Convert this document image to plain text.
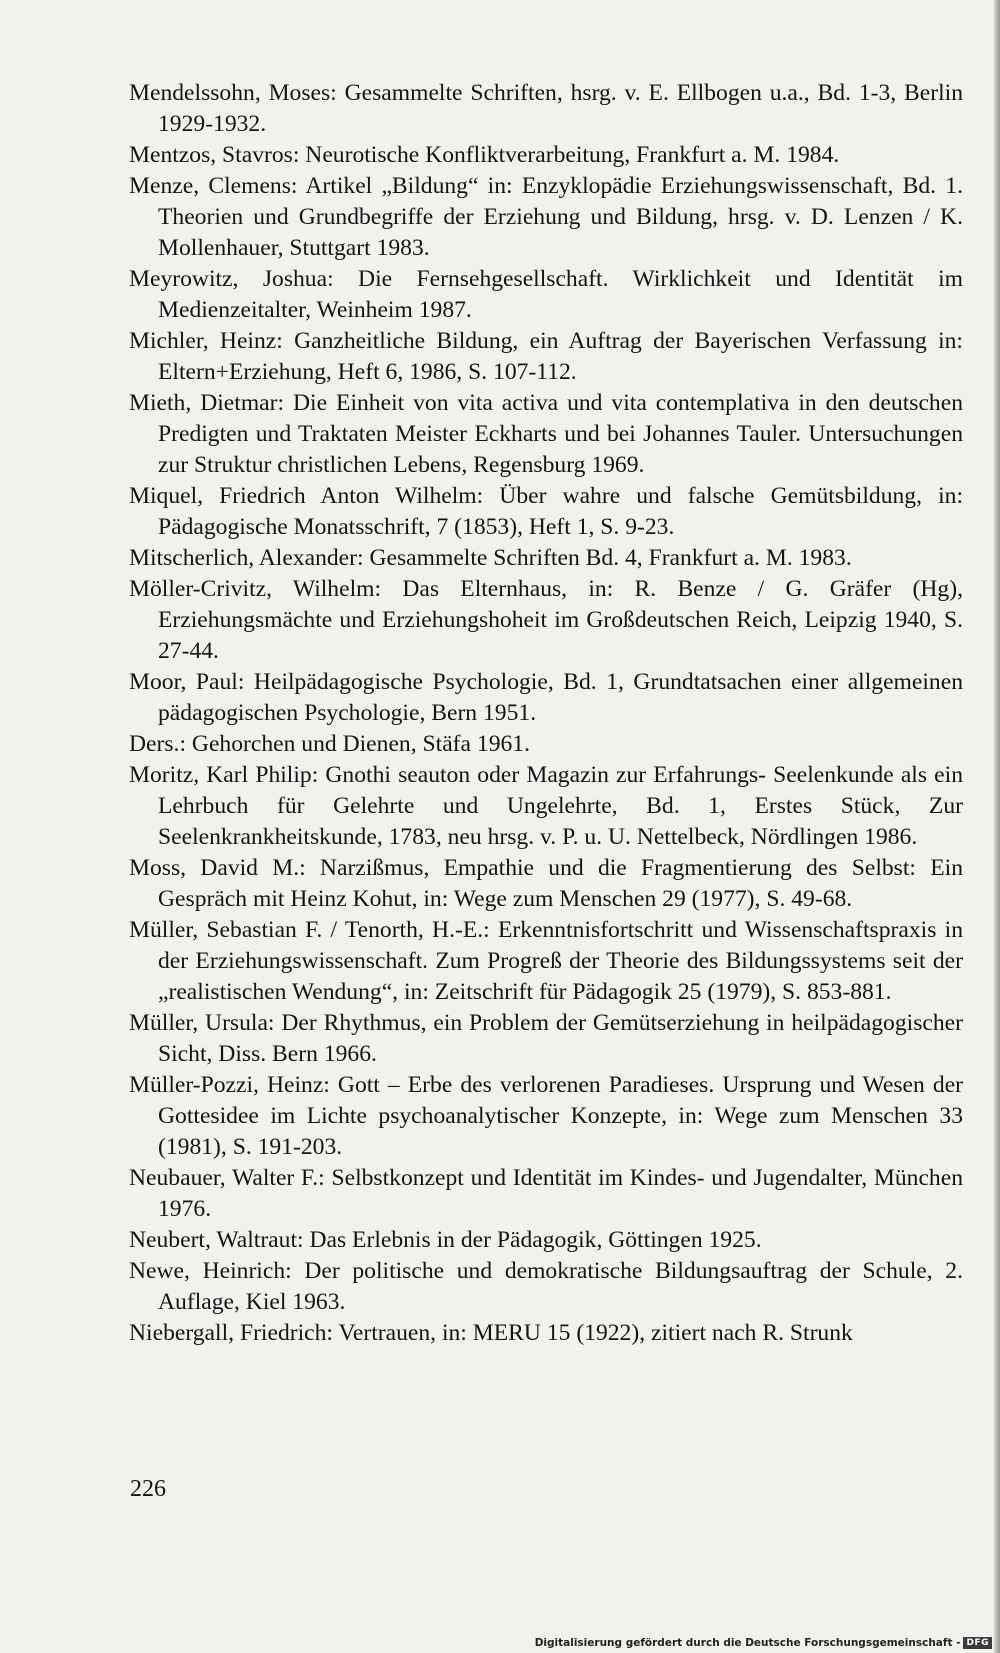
Mendelssohn, Moses: Gesammelte Schriften, hsrg. v. E. Ellbogen u.a., Bd. 1-3, Berlin 1929-1932.
Mentzos, Stavros: Neurotische Konfliktverarbeitung, Frankfurt a. M. 1984.
Menze, Clemens: Artikel „Bildung“ in: Enzyklopädie Erziehungswissenschaft, Bd. 1. Theorien und Grundbegriffe der Erziehung und Bildung, hrsg. v. D. Lenzen / K. Mollenhauer, Stuttgart 1983.
Meyrowitz, Joshua: Die Fernsehgesellschaft. Wirklichkeit und Identität im Medienzeitalter, Weinheim 1987.
Michler, Heinz: Ganzheitliche Bildung, ein Auftrag der Bayerischen Verfassung in: Eltern+Erziehung, Heft 6, 1986, S. 107-112.
Mieth, Dietmar: Die Einheit von vita activa und vita contemplativa in den deutschen Predigten und Traktaten Meister Eckharts und bei Johannes Tauler. Untersuchungen zur Struktur christlichen Lebens, Regensburg 1969.
Miquel, Friedrich Anton Wilhelm: Über wahre und falsche Gemütsbildung, in: Pädagogische Monatsschrift, 7 (1853), Heft 1, S. 9-23.
Mitscherlich, Alexander: Gesammelte Schriften Bd. 4, Frankfurt a. M. 1983.
Möller-Crivitz, Wilhelm: Das Elternhaus, in: R. Benze / G. Gräfer (Hg), Erziehungsmächte und Erziehungshoheit im Großdeutschen Reich, Leipzig 1940, S. 27-44.
Moor, Paul: Heilpädagogische Psychologie, Bd. 1, Grundtatsachen einer allgemeinen pädagogischen Psychologie, Bern 1951.
Ders.: Gehorchen und Dienen, Stäfa 1961.
Moritz, Karl Philip: Gnothi seauton oder Magazin zur Erfahrungs- Seelenkunde als ein Lehrbuch für Gelehrte und Ungelehrte, Bd. 1, Erstes Stück, Zur Seelenkrankheitskunde, 1783, neu hrsg. v. P. u. U. Nettelbeck, Nördlingen 1986.
Moss, David M.: Narzißmus, Empathie und die Fragmentierung des Selbst: Ein Gespräch mit Heinz Kohut, in: Wege zum Menschen 29 (1977), S. 49-68.
Müller, Sebastian F. / Tenorth, H.-E.: Erkenntnisfortschritt und Wissenschaftspraxis in der Erziehungswissenschaft. Zum Progreß der Theorie des Bildungssystems seit der „realistischen Wendung“, in: Zeitschrift für Pädagogik 25 (1979), S. 853-881.
Müller, Ursula: Der Rhythmus, ein Problem der Gemütserziehung in heilpädagogischer Sicht, Diss. Bern 1966.
Müller-Pozzi, Heinz: Gott – Erbe des verlorenen Paradieses. Ursprung und Wesen der Gottesidee im Lichte psychoanalytischer Konzepte, in: Wege zum Menschen 33 (1981), S. 191-203.
Neubauer, Walter F.: Selbstkonzept und Identität im Kindes- und Jugendalter, München 1976.
Neubert, Waltraut: Das Erlebnis in der Pädagogik, Göttingen 1925.
Newe, Heinrich: Der politische und demokratische Bildungsauftrag der Schule, 2. Auflage, Kiel 1963.
Niebergall, Friedrich: Vertrauen, in: MERU 15 (1922), zitiert nach R. Strunk
226
Digitalisierung gefördert durch die Deutsche Forschungsgemeinschaft - DFG
